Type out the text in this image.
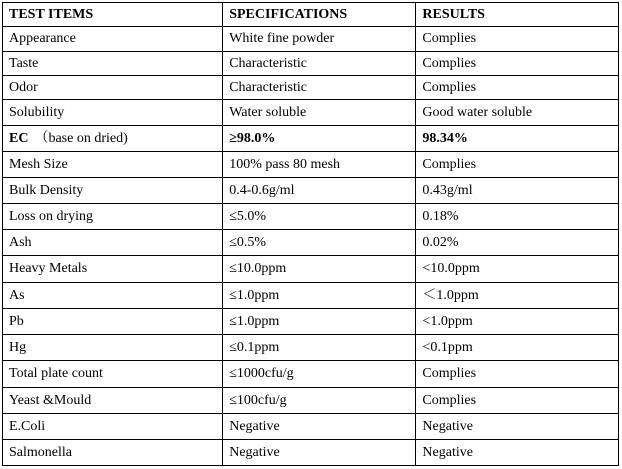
TEST ITEMS	SPECIFICATIONS	RESULTS
Appearance	White fine powder	Complies
Taste	Characteristic	Complies
Odor	Characteristic	Complies
Solubility	Water soluble	Good water soluble
EC （base on dried)	≥98.0%	98.34%
Mesh Size	100% pass 80 mesh	Complies
Bulk Density	0.4-0.6g/ml	0.43g/ml
Loss on drying	≤5.0%	0.18%
Ash	≤0.5%	0.02%
Heavy Metals	≤10.0ppm	<10.0ppm
As	≤1.0ppm	＜1.0ppm
Pb	≤1.0ppm	<1.0ppm
Hg	≤0.1ppm	<0.1ppm
Total plate count	≤1000cfu/g	Complies
Yeast &Mould	≤100cfu/g	Complies
E.Coli	Negative	Negative
Salmonella	Negative	Negative
